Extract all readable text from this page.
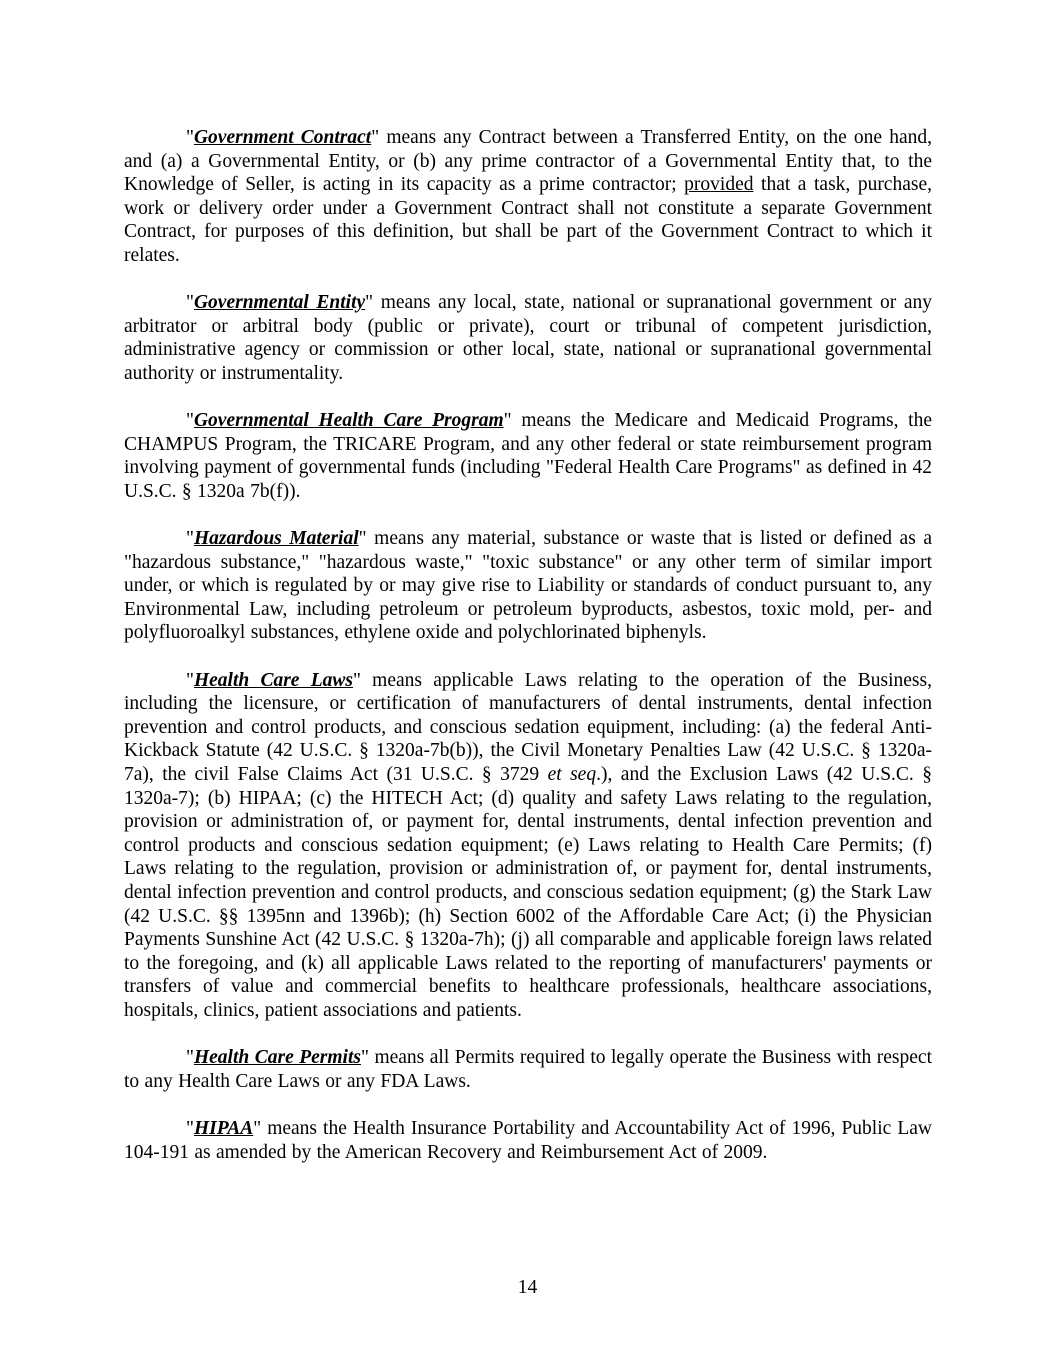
"Government Contract" means any Contract between a Transferred Entity, on the one hand, and (a) a Governmental Entity, or (b) any prime contractor of a Governmental Entity that, to the Knowledge of Seller, is acting in its capacity as a prime contractor; provided that a task, purchase, work or delivery order under a Government Contract shall not constitute a separate Government Contract, for purposes of this definition, but shall be part of the Government Contract to which it relates.

"Governmental Entity" means any local, state, national or supranational government or any arbitrator or arbitral body (public or private), court or tribunal of competent jurisdiction, administrative agency or commission or other local, state, national or supranational governmental authority or instrumentality.

"Governmental Health Care Program" means the Medicare and Medicaid Programs, the CHAMPUS Program, the TRICARE Program, and any other federal or state reimbursement program involving payment of governmental funds (including "Federal Health Care Programs" as defined in 42 U.S.C. § 1320a 7b(f)).

"Hazardous Material" means any material, substance or waste that is listed or defined as a "hazardous substance," "hazardous waste," "toxic substance" or any other term of similar import under, or which is regulated by or may give rise to Liability or standards of conduct pursuant to, any Environmental Law, including petroleum or petroleum byproducts, asbestos, toxic mold, per- and polyfluoroalkyl substances, ethylene oxide and polychlorinated biphenyls.

"Health Care Laws" means applicable Laws relating to the operation of the Business, including the licensure, or certification of manufacturers of dental instruments, dental infection prevention and control products, and conscious sedation equipment, including: (a) the federal Anti-Kickback Statute (42 U.S.C. § 1320a-7b(b)), the Civil Monetary Penalties Law (42 U.S.C. § 1320a-7a), the civil False Claims Act (31 U.S.C. § 3729 et seq.), and the Exclusion Laws (42 U.S.C. § 1320a-7); (b) HIPAA; (c) the HITECH Act; (d) quality and safety Laws relating to the regulation, provision or administration of, or payment for, dental instruments, dental infection prevention and control products and conscious sedation equipment; (e) Laws relating to Health Care Permits; (f) Laws relating to the regulation, provision or administration of, or payment for, dental instruments, dental infection prevention and control products, and conscious sedation equipment; (g) the Stark Law (42 U.S.C. §§ 1395nn and 1396b); (h) Section 6002 of the Affordable Care Act; (i) the Physician Payments Sunshine Act (42 U.S.C. § 1320a-7h); (j) all comparable and applicable foreign laws related to the foregoing, and (k) all applicable Laws related to the reporting of manufacturers' payments or transfers of value and commercial benefits to healthcare professionals, healthcare associations, hospitals, clinics, patient associations and patients.

"Health Care Permits" means all Permits required to legally operate the Business with respect to any Health Care Laws or any FDA Laws.

"HIPAA" means the Health Insurance Portability and Accountability Act of 1996, Public Law 104-191 as amended by the American Recovery and Reimbursement Act of 2009.

14
